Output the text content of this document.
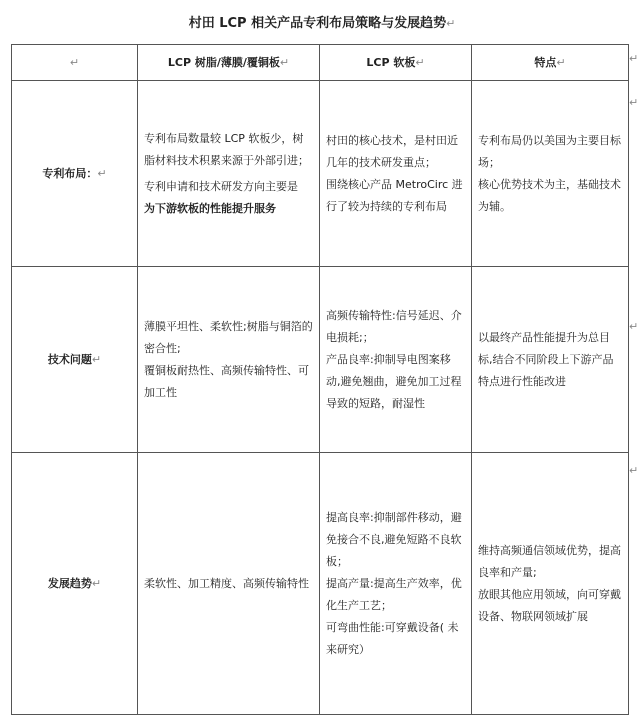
村田 LCP 相关产品专利布局策略与发展趋势↵
↵	LCP 树脂/薄膜/覆铜板↵	LCP 软板↵	特点↵
专利布局：↵	专利布局数量较 LCP 软板少，树脂材料技术积累来源于外部引进；
专利申请和技术研发方向主要是
为下游软板的性能提升服务	村田的核心技术，是村田近几年的技术研发重点；
围绕核心产品 MetroCirc 进行了较为持续的专利布局	专利布局仍以美国为主要目标场；
核心优势技术为主，基础技术为辅。

技术问题↵	薄膜平坦性、柔软性;树脂与铜箔的密合性;
覆铜板耐热性、高频传输特性、可加工性	高频传输特性:信号延迟、介电损耗;；
产品良率:抑制导电图案移动,避免翘曲，避免加工过程导致的短路，耐湿性	以最终产品性能提升为总目标,结合不同阶段上下游产品特点进行性能改进

发展趋势↵	柔软性、加工精度、高频传输特性	提高良率:抑制部件移动，避免接合不良,避免短路不良软板；
提高产量:提高生产效率，优化生产工艺；
可弯曲性能:可穿戴设备( 未来研究）	维持高频通信领域优势，提高良率和产量;
放眼其他应用领域，向可穿戴设备、物联网领域扩展
↵
↵
↵
↵
